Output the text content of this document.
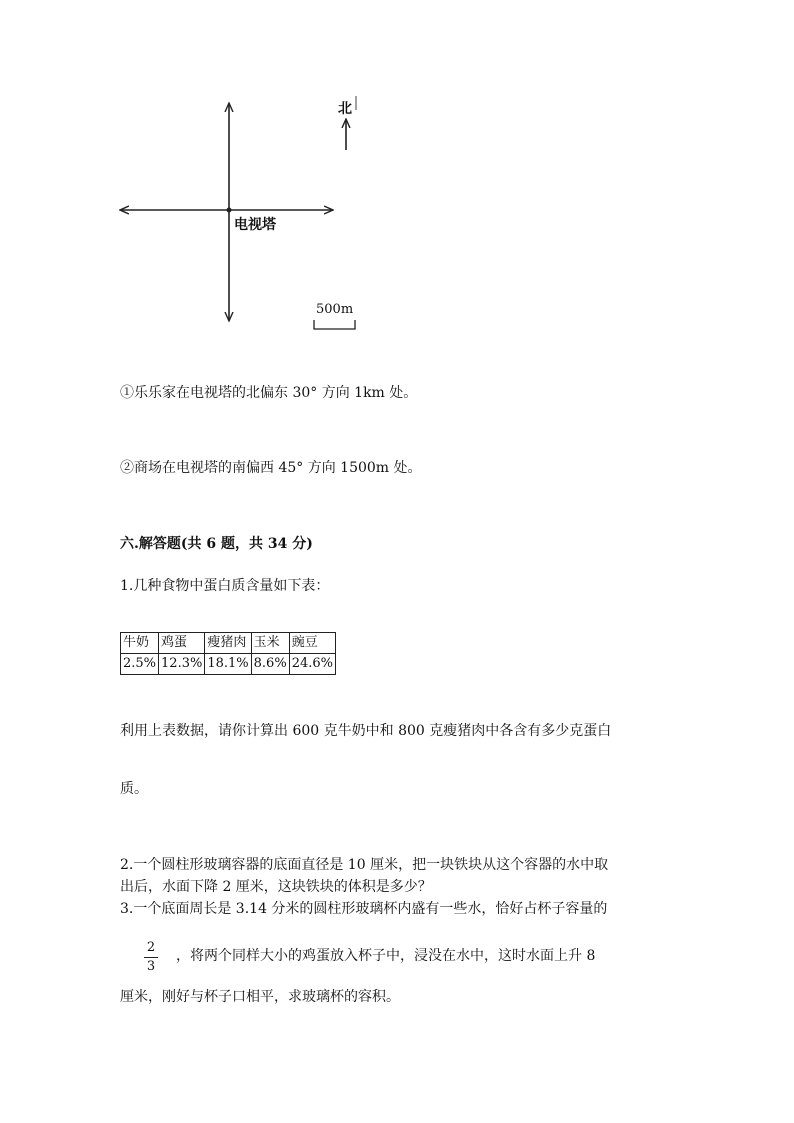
北
电视塔
500m
①乐乐家在电视塔的北偏东 30° 方向 1km 处。
②商场在电视塔的南偏西 45° 方向 1500m 处。
六.解答题(共 6 题，共 34 分)
1.几种食物中蛋白质含量如下表：
牛奶	鸡蛋	瘦猪肉	玉米	豌豆
2.5%	12.3%	18.1%	8.6%	24.6%
利用上表数据，请你计算出 600 克牛奶中和 800 克瘦猪肉中各含有多少克蛋白
质。
2.一个圆柱形玻璃容器的底面直径是 10 厘米，把一块铁块从这个容器的水中取
出后，水面下降 2 厘米，这块铁块的体积是多少？
3.一个底面周长是 3.14 分米的圆柱形玻璃杯内盛有一些水，恰好占杯子容量的
2
3
，将两个同样大小的鸡蛋放入杯子中，浸没在水中，这时水面上升 8
厘米，刚好与杯子口相平，求玻璃杯的容积。
